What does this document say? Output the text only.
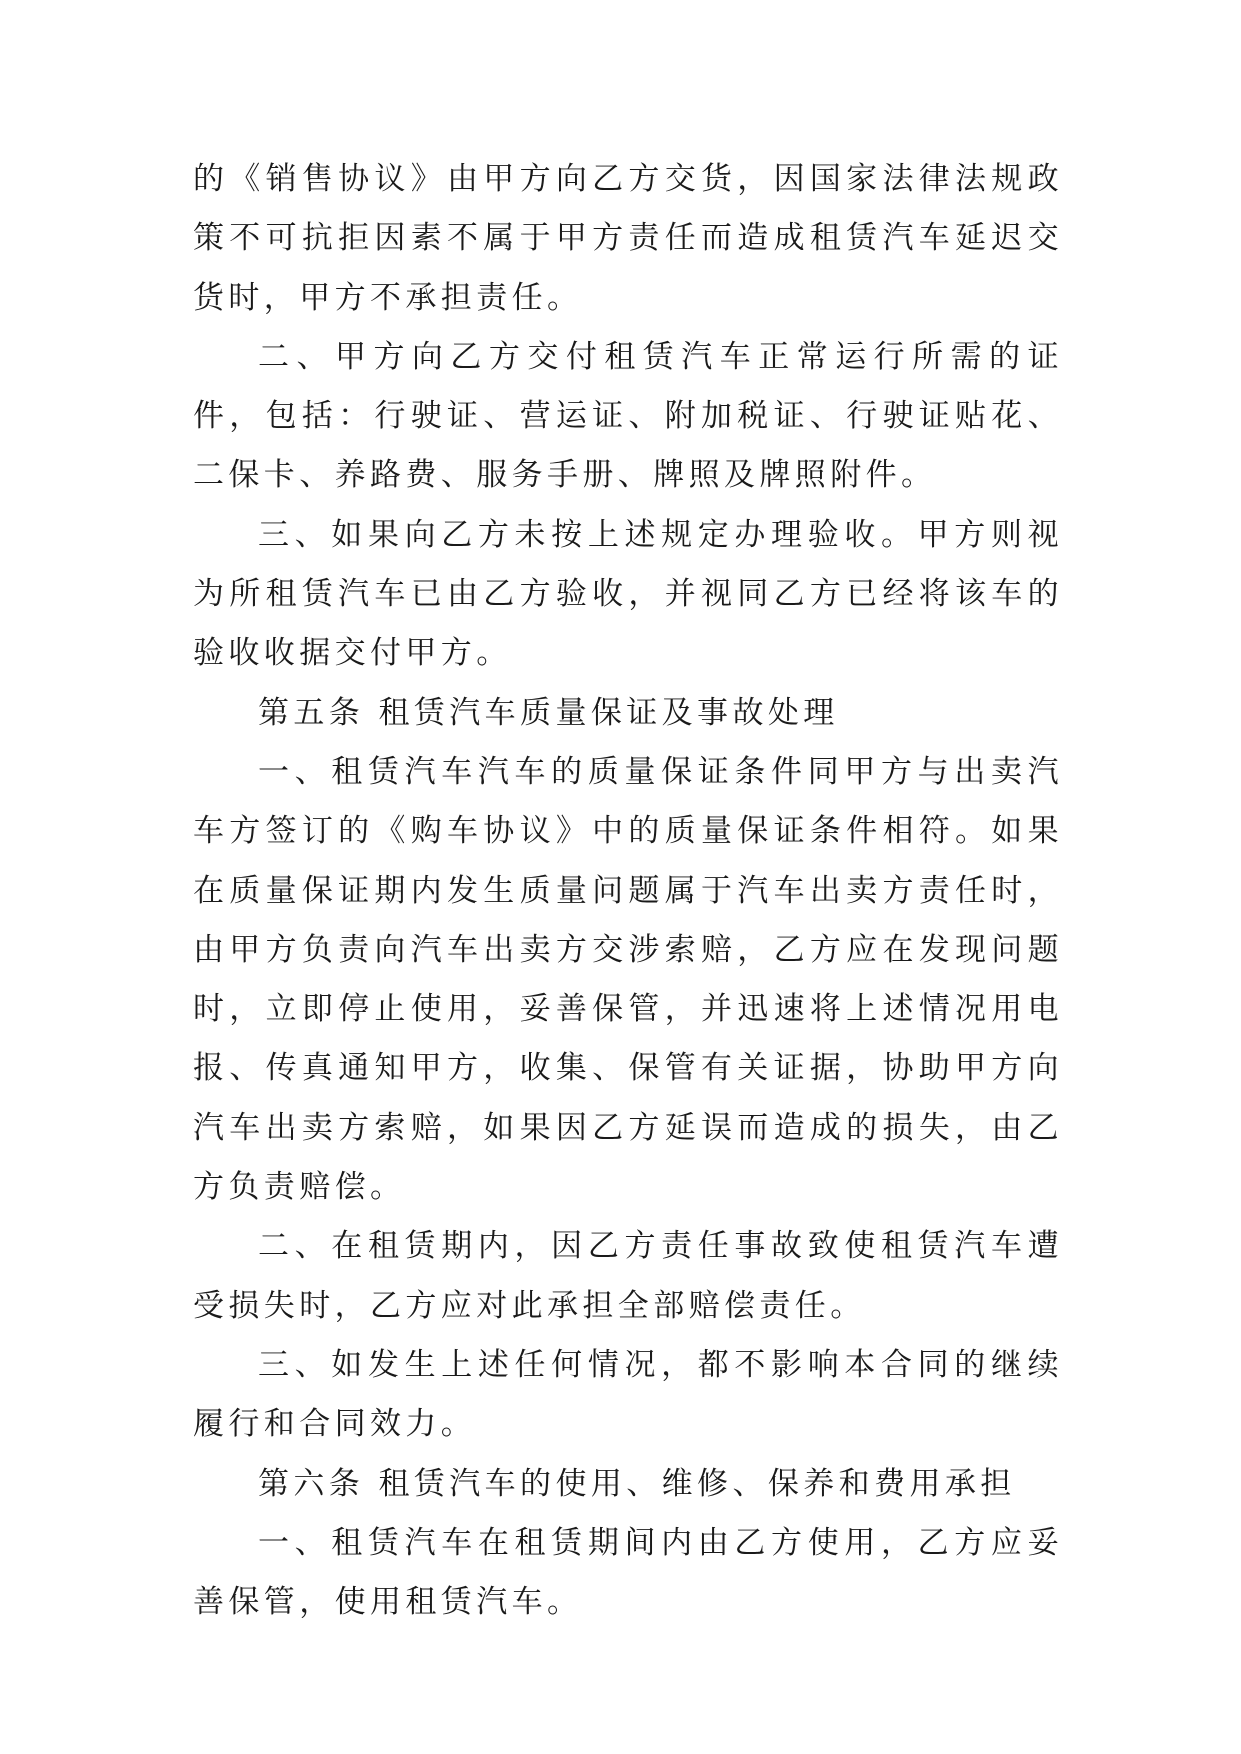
的《销售协议》由甲方向乙方交货，因国家法律法规政策不可抗拒因素不属于甲方责任而造成租赁汽车延迟交货时，甲方不承担责任。

二、甲方向乙方交付租赁汽车正常运行所需的证件，包括：行驶证、营运证、附加税证、行驶证贴花、二保卡、养路费、服务手册、牌照及牌照附件。

三、如果向乙方未按上述规定办理验收。甲方则视为所租赁汽车已由乙方验收，并视同乙方已经将该车的验收收据交付甲方。

第五条 租赁汽车质量保证及事故处理

一、租赁汽车汽车的质量保证条件同甲方与出卖汽车方签订的《购车协议》中的质量保证条件相符。如果在质量保证期内发生质量问题属于汽车出卖方责任时，由甲方负责向汽车出卖方交涉索赔，乙方应在发现问题时，立即停止使用，妥善保管，并迅速将上述情况用电报、传真通知甲方，收集、保管有关证据，协助甲方向汽车出卖方索赔，如果因乙方延误而造成的损失，由乙方负责赔偿。

二、在租赁期内，因乙方责任事故致使租赁汽车遭受损失时，乙方应对此承担全部赔偿责任。

三、如发生上述任何情况，都不影响本合同的继续履行和合同效力。

第六条 租赁汽车的使用、维修、保养和费用承担

一、租赁汽车在租赁期间内由乙方使用，乙方应妥善保管，使用租赁汽车。
